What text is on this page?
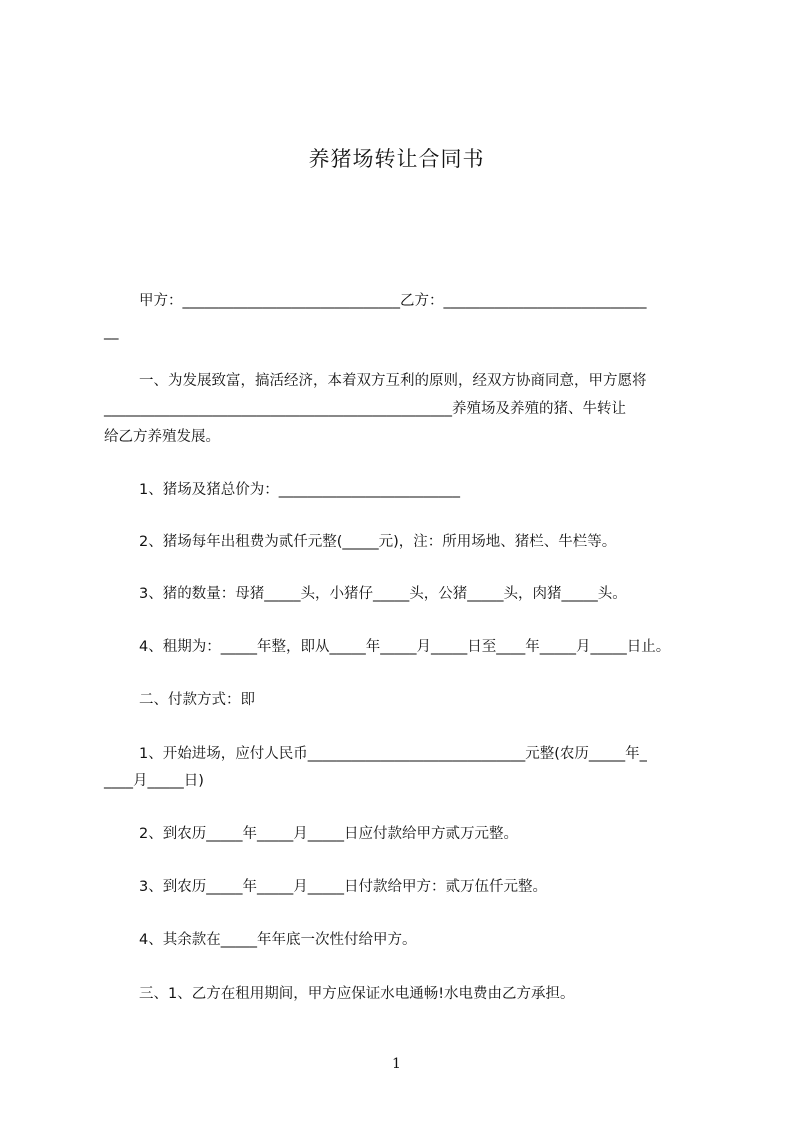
养猪场转让合同书
甲方：______________________________乙方：____________________________
__
一、为发展致富，搞活经济，本着双方互利的原则，经双方协商同意，甲方愿将
________________________________________________养殖场及养殖的猪、牛转让
给乙方养殖发展。
1、猪场及猪总价为：_________________________
2、猪场每年出租费为贰仟元整(_____元)，注：所用场地、猪栏、牛栏等。
3、猪的数量：母猪_____头，小猪仔_____头，公猪_____头，肉猪_____头。
4、租期为：_____年整，即从_____年_____月_____日至____年_____月_____日止。
二、付款方式：即
1、开始进场，应付人民币______________________________元整(农历_____年_
____月_____日)
2、到农历_____年_____月_____日应付款给甲方贰万元整。
3、到农历_____年_____月_____日付款给甲方：贰万伍仟元整。
4、其余款在_____年年底一次性付给甲方。
三、1、乙方在租用期间，甲方应保证水电通畅!水电费由乙方承担。
1
